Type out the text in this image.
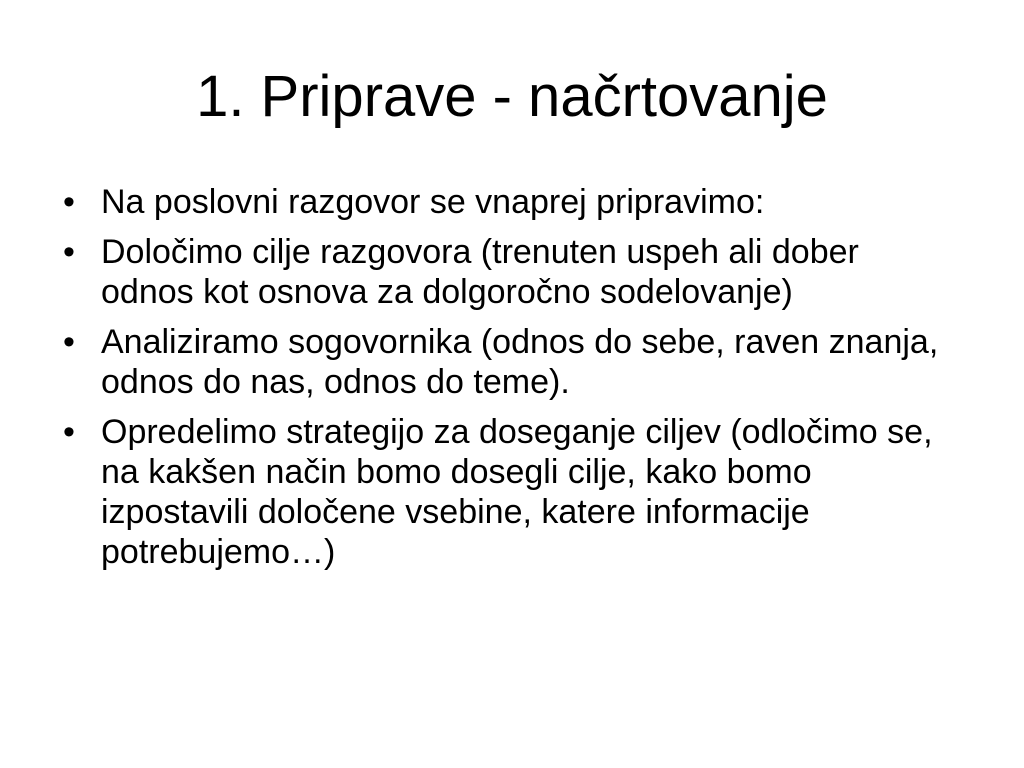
1. Priprave - načrtovanje
• Na poslovni razgovor se vnaprej pripravimo:
• Določimo cilje razgovora (trenuten uspeh ali dober odnos kot osnova za dolgoročno sodelovanje)
• Analiziramo sogovornika (odnos do sebe, raven znanja, odnos do nas, odnos do teme).
• Opredelimo strategijo za doseganje ciljev (odločimo se, na kakšen način bomo dosegli cilje, kako bomo izpostavili določene vsebine, katere informacije potrebujemo…)
